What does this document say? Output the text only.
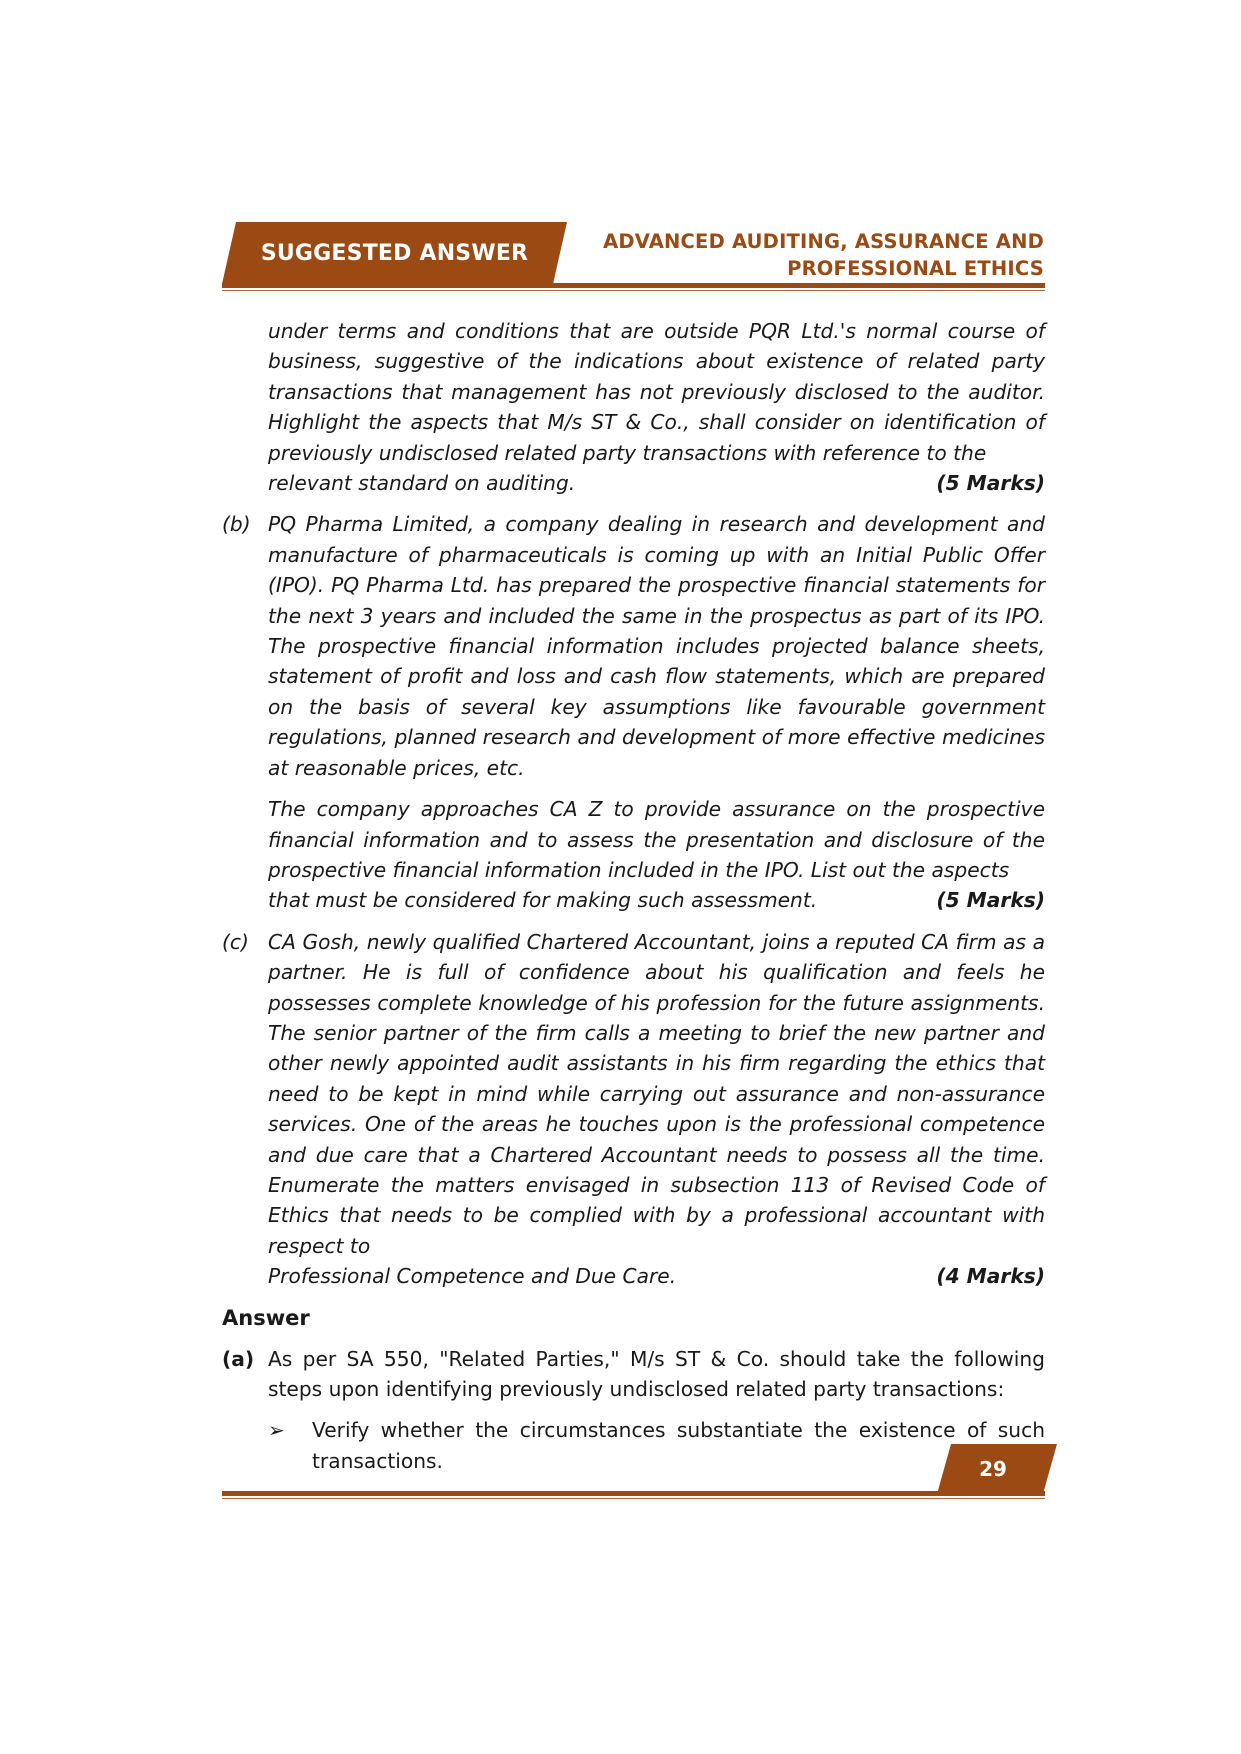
SUGGESTED ANSWER	ADVANCED AUDITING, ASSURANCE AND
PROFESSIONAL ETHICS

under terms and conditions that are outside PQR Ltd.'s normal course of business, suggestive of the indications about existence of related party transactions that management has not previously disclosed to the auditor. Highlight the aspects that M/s ST & Co., shall consider on identification of previously undisclosed related party transactions with reference to the

relevant standard on auditing.	(5 Marks)

(b) PQ Pharma Limited, a company dealing in research and development and manufacture of pharmaceuticals is coming up with an Initial Public Offer (IPO). PQ Pharma Ltd. has prepared the prospective financial statements for the next 3 years and included the same in the prospectus as part of its IPO. The prospective financial information includes projected balance sheets, statement of profit and loss and cash flow statements, which are prepared on the basis of several key assumptions like favourable government regulations, planned research and development of more effective medicines at reasonable prices, etc.

The company approaches CA Z to provide assurance on the prospective financial information and to assess the presentation and disclosure of the prospective financial information included in the IPO. List out the aspects

that must be considered for making such assessment.	(5 Marks)

(c) CA Gosh, newly qualified Chartered Accountant, joins a reputed CA firm as a partner. He is full of confidence about his qualification and feels he possesses complete knowledge of his profession for the future assignments. The senior partner of the firm calls a meeting to brief the new partner and other newly appointed audit assistants in his firm regarding the ethics that need to be kept in mind while carrying out assurance and non-assurance services. One of the areas he touches upon is the professional competence and due care that a Chartered Accountant needs to possess all the time. Enumerate the matters envisaged in subsection 113 of Revised Code of Ethics that needs to be complied with by a professional accountant with respect to

Professional Competence and Due Care.	(4 Marks)

Answer

(a) As per SA 550, "Related Parties," M/s ST & Co. should take the following steps upon identifying previously undisclosed related party transactions:

➢ Verify whether the circumstances substantiate the existence of such transactions.	29
